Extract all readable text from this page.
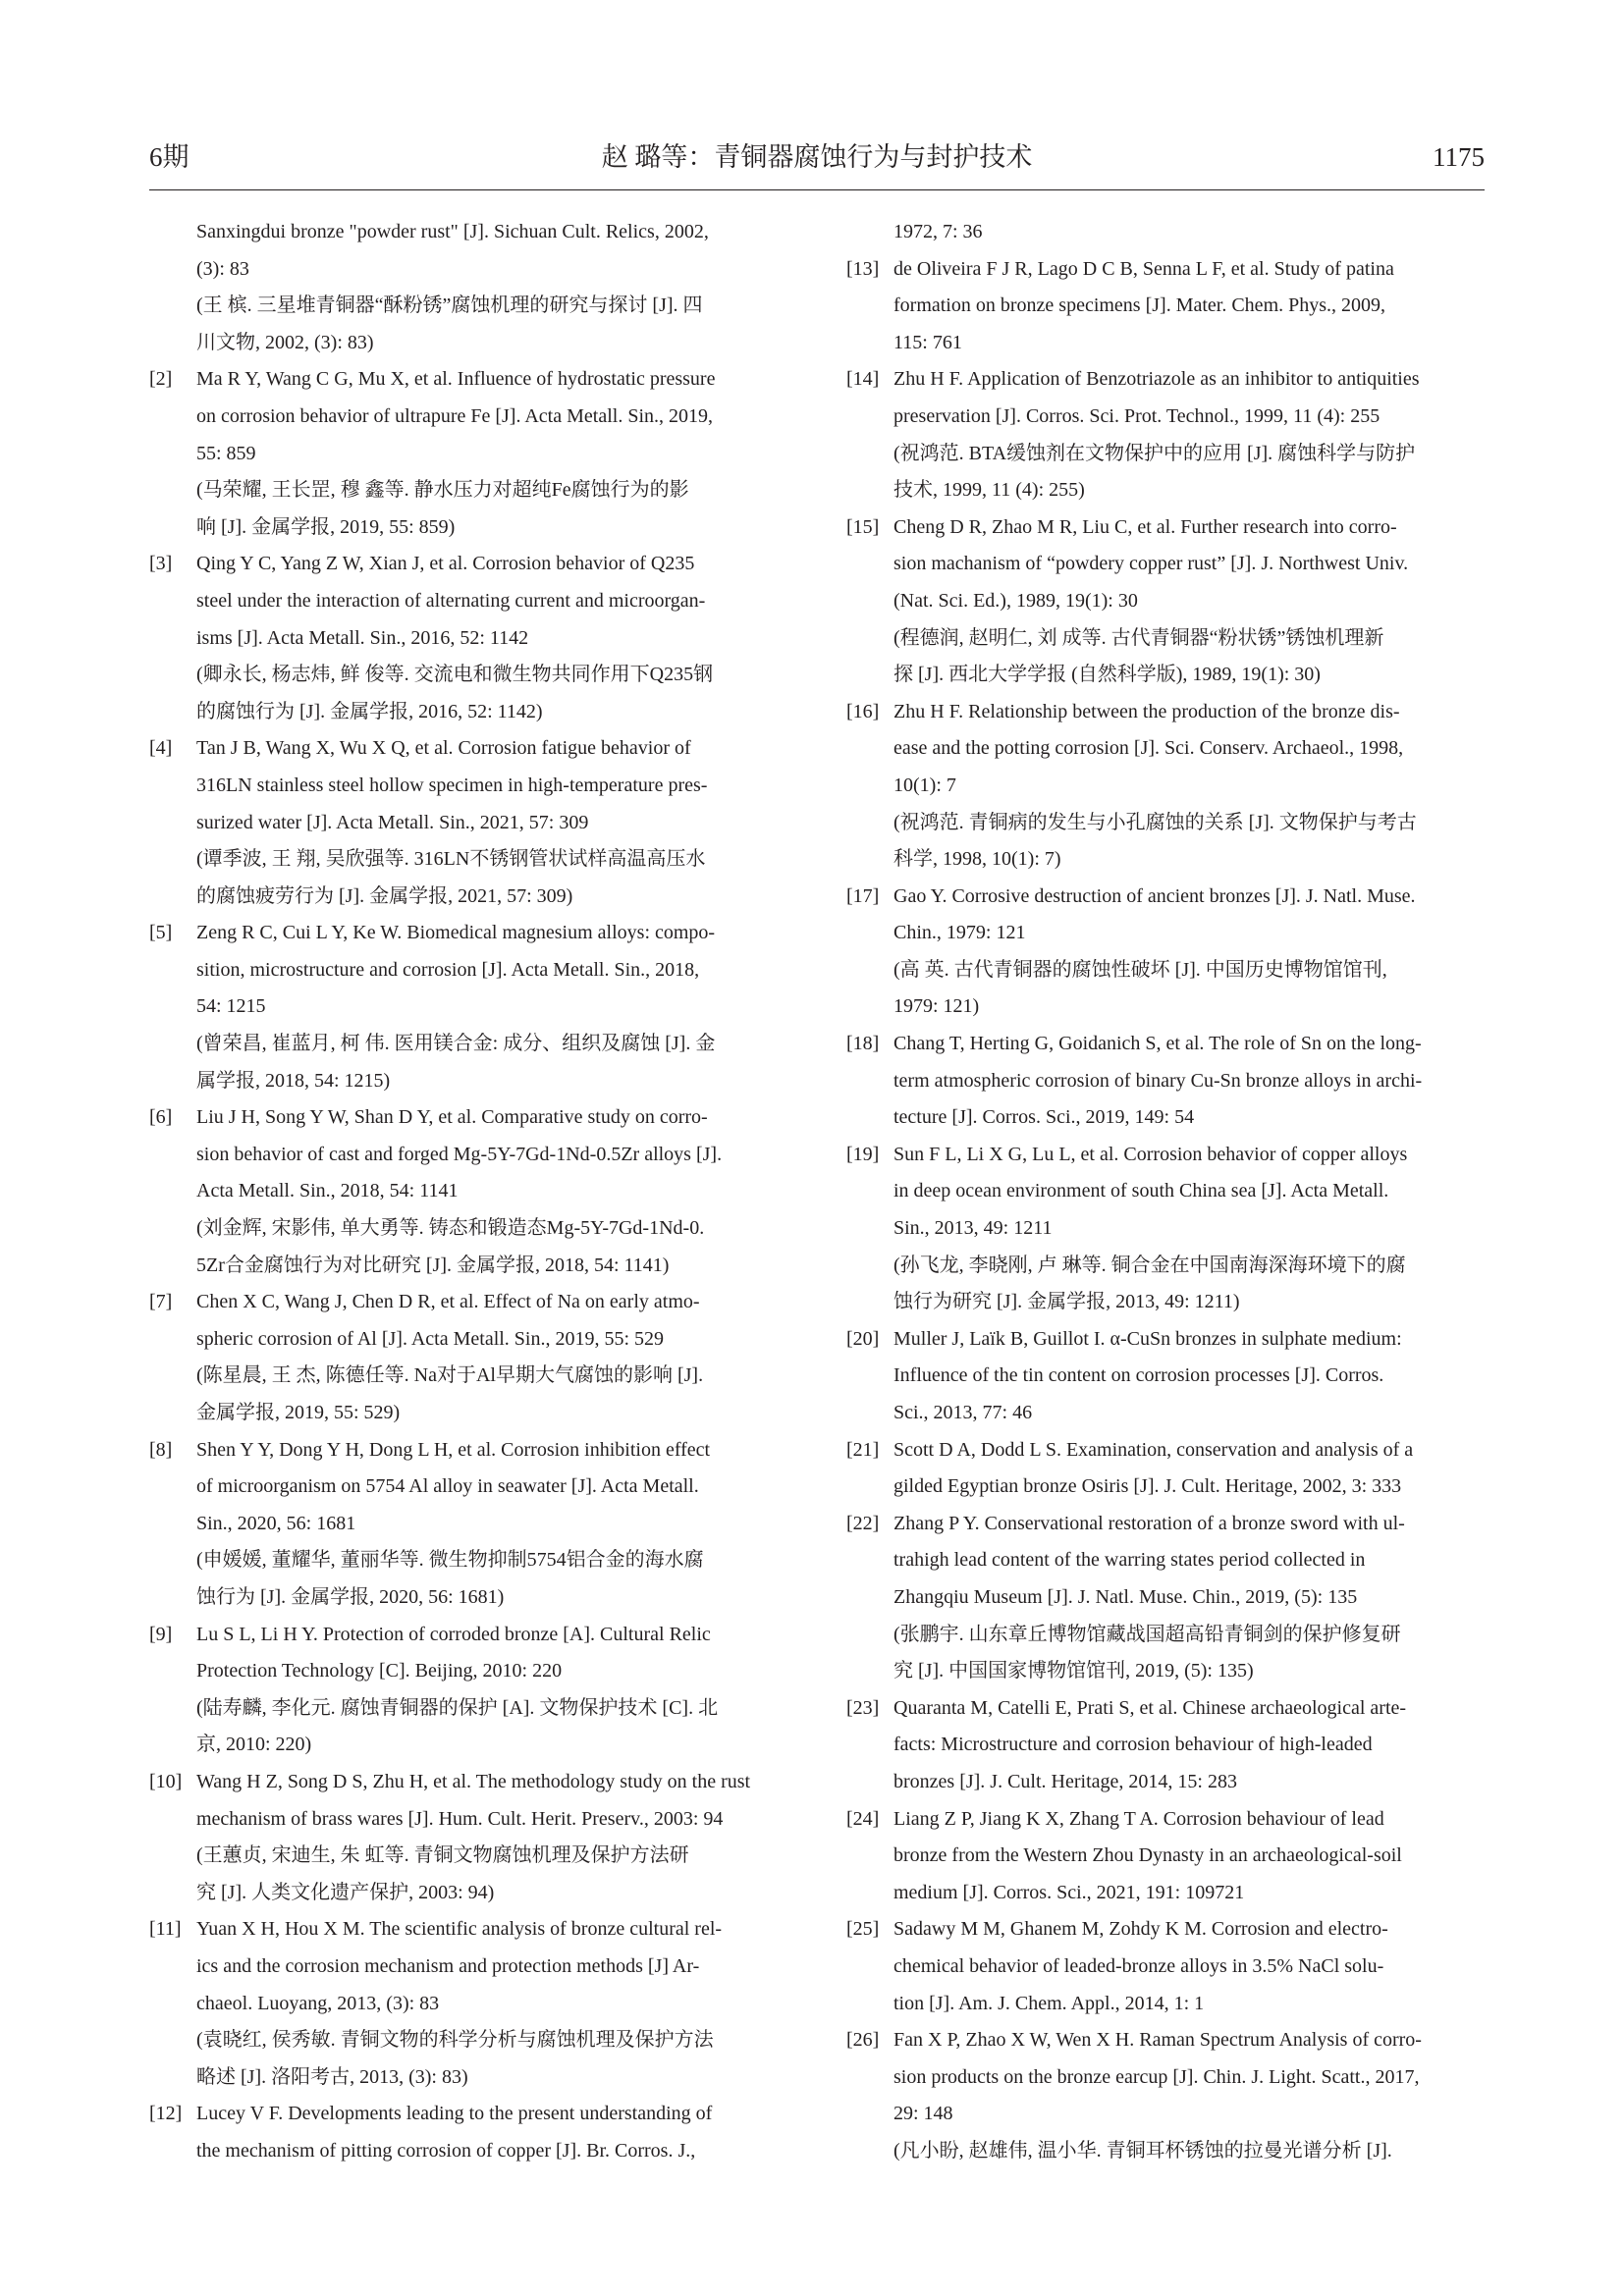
6期	赵 璐等：青铜器腐蚀行为与封护技术	1175
Sanxingdui bronze "powder rust" [J]. Sichuan Cult. Relics, 2002,
(3): 83
(王 槟. 三星堆青铜器“酥粉锈”腐蚀机理的研究与探讨 [J]. 四
川文物, 2002, (3): 83)
[2] Ma R Y, Wang C G, Mu X, et al. Influence of hydrostatic pressure
on corrosion behavior of ultrapure Fe [J]. Acta Metall. Sin., 2019,
55: 859
(马荣耀, 王长罡, 穆 鑫等. 静水压力对超纯Fe腐蚀行为的影
响 [J]. 金属学报, 2019, 55: 859)
[3] Qing Y C, Yang Z W, Xian J, et al. Corrosion behavior of Q235
steel under the interaction of alternating current and microorgan-
isms [J]. Acta Metall. Sin., 2016, 52: 1142
(卿永长, 杨志炜, 鲜 俊等. 交流电和微生物共同作用下Q235钢
的腐蚀行为 [J]. 金属学报, 2016, 52: 1142)
[4] Tan J B, Wang X, Wu X Q, et al. Corrosion fatigue behavior of
316LN stainless steel hollow specimen in high-temperature pres-
surized water [J]. Acta Metall. Sin., 2021, 57: 309
(谭季波, 王 翔, 吴欣强等. 316LN不锈钢管状试样高温高压水
的腐蚀疲劳行为 [J]. 金属学报, 2021, 57: 309)
[5] Zeng R C, Cui L Y, Ke W. Biomedical magnesium alloys: compo-
sition, microstructure and corrosion [J]. Acta Metall. Sin., 2018,
54: 1215
(曾荣昌, 崔蓝月, 柯 伟. 医用镁合金: 成分、组织及腐蚀 [J]. 金
属学报, 2018, 54: 1215)
[6] Liu J H, Song Y W, Shan D Y, et al. Comparative study on corro-
sion behavior of cast and forged Mg-5Y-7Gd-1Nd-0.5Zr alloys [J].
Acta Metall. Sin., 2018, 54: 1141
(刘金辉, 宋影伟, 单大勇等. 铸态和锻造态Mg-5Y-7Gd-1Nd-0.
5Zr合金腐蚀行为对比研究 [J]. 金属学报, 2018, 54: 1141)
[7] Chen X C, Wang J, Chen D R, et al. Effect of Na on early atmo-
spheric corrosion of Al [J]. Acta Metall. Sin., 2019, 55: 529
(陈星晨, 王 杰, 陈德任等. Na对于Al早期大气腐蚀的影响 [J].
金属学报, 2019, 55: 529)
[8] Shen Y Y, Dong Y H, Dong L H, et al. Corrosion inhibition effect
of microorganism on 5754 Al alloy in seawater [J]. Acta Metall.
Sin., 2020, 56: 1681
(申媛媛, 董耀华, 董丽华等. 微生物抑制5754铝合金的海水腐
蚀行为 [J]. 金属学报, 2020, 56: 1681)
[9] Lu S L, Li H Y. Protection of corroded bronze [A]. Cultural Relic
Protection Technology [C]. Beijing, 2010: 220
(陆寿麟, 李化元. 腐蚀青铜器的保护 [A]. 文物保护技术 [C]. 北
京, 2010: 220)
[10] Wang H Z, Song D S, Zhu H, et al. The methodology study on the rust
mechanism of brass wares [J]. Hum. Cult. Herit. Preserv., 2003: 94
(王蕙贞, 宋迪生, 朱 虹等. 青铜文物腐蚀机理及保护方法研
究 [J]. 人类文化遗产保护, 2003: 94)
[11] Yuan X H, Hou X M. The scientific analysis of bronze cultural rel-
ics and the corrosion mechanism and protection methods [J] Ar-
chaeol. Luoyang, 2013, (3): 83
(袁晓红, 侯秀敏. 青铜文物的科学分析与腐蚀机理及保护方法
略述 [J]. 洛阳考古, 2013, (3): 83)
[12] Lucey V F. Developments leading to the present understanding of
the mechanism of pitting corrosion of copper [J]. Br. Corros. J.,
1972, 7: 36
[13] de Oliveira F J R, Lago D C B, Senna L F, et al. Study of patina
formation on bronze specimens [J]. Mater. Chem. Phys., 2009,
115: 761
[14] Zhu H F. Application of Benzotriazole as an inhibitor to antiquities
preservation [J]. Corros. Sci. Prot. Technol., 1999, 11 (4): 255
(祝鸿范. BTA缓蚀剂在文物保护中的应用 [J]. 腐蚀科学与防护
技术, 1999, 11 (4): 255)
[15] Cheng D R, Zhao M R, Liu C, et al. Further research into corro-
sion machanism of “powdery copper rust” [J]. J. Northwest Univ.
(Nat. Sci. Ed.), 1989, 19(1): 30
(程德润, 赵明仁, 刘 成等. 古代青铜器“粉状锈”锈蚀机理新
探 [J]. 西北大学学报 (自然科学版), 1989, 19(1): 30)
[16] Zhu H F. Relationship between the production of the bronze dis-
ease and the potting corrosion [J]. Sci. Conserv. Archaeol., 1998,
10(1): 7
(祝鸿范. 青铜病的发生与小孔腐蚀的关系 [J]. 文物保护与考古
科学, 1998, 10(1): 7)
[17] Gao Y. Corrosive destruction of ancient bronzes [J]. J. Natl. Muse.
Chin., 1979: 121
(高 英. 古代青铜器的腐蚀性破坏 [J]. 中国历史博物馆馆刊,
1979: 121)
[18] Chang T, Herting G, Goidanich S, et al. The role of Sn on the long-
term atmospheric corrosion of binary Cu-Sn bronze alloys in archi-
tecture [J]. Corros. Sci., 2019, 149: 54
[19] Sun F L, Li X G, Lu L, et al. Corrosion behavior of copper alloys
in deep ocean environment of south China sea [J]. Acta Metall.
Sin., 2013, 49: 1211
(孙飞龙, 李晓刚, 卢 琳等. 铜合金在中国南海深海环境下的腐
蚀行为研究 [J]. 金属学报, 2013, 49: 1211)
[20] Muller J, Laïk B, Guillot I. α-CuSn bronzes in sulphate medium:
Influence of the tin content on corrosion processes [J]. Corros.
Sci., 2013, 77: 46
[21] Scott D A, Dodd L S. Examination, conservation and analysis of a
gilded Egyptian bronze Osiris [J]. J. Cult. Heritage, 2002, 3: 333
[22] Zhang P Y. Conservational restoration of a bronze sword with ul-
trahigh lead content of the warring states period collected in
Zhangqiu Museum [J]. J. Natl. Muse. Chin., 2019, (5): 135
(张鹏宇. 山东章丘博物馆藏战国超高铅青铜剑的保护修复研
究 [J]. 中国国家博物馆馆刊, 2019, (5): 135)
[23] Quaranta M, Catelli E, Prati S, et al. Chinese archaeological arte-
facts: Microstructure and corrosion behaviour of high-leaded
bronzes [J]. J. Cult. Heritage, 2014, 15: 283
[24] Liang Z P, Jiang K X, Zhang T A. Corrosion behaviour of lead
bronze from the Western Zhou Dynasty in an archaeological-soil
medium [J]. Corros. Sci., 2021, 191: 109721
[25] Sadawy M M, Ghanem M, Zohdy K M. Corrosion and electro-
chemical behavior of leaded-bronze alloys in 3.5% NaCl solu-
tion [J]. Am. J. Chem. Appl., 2014, 1: 1
[26] Fan X P, Zhao X W, Wen X H. Raman Spectrum Analysis of corro-
sion products on the bronze earcup [J]. Chin. J. Light. Scatt., 2017,
29: 148
(凡小盼, 赵雄伟, 温小华. 青铜耳杯锈蚀的拉曼光谱分析 [J].
